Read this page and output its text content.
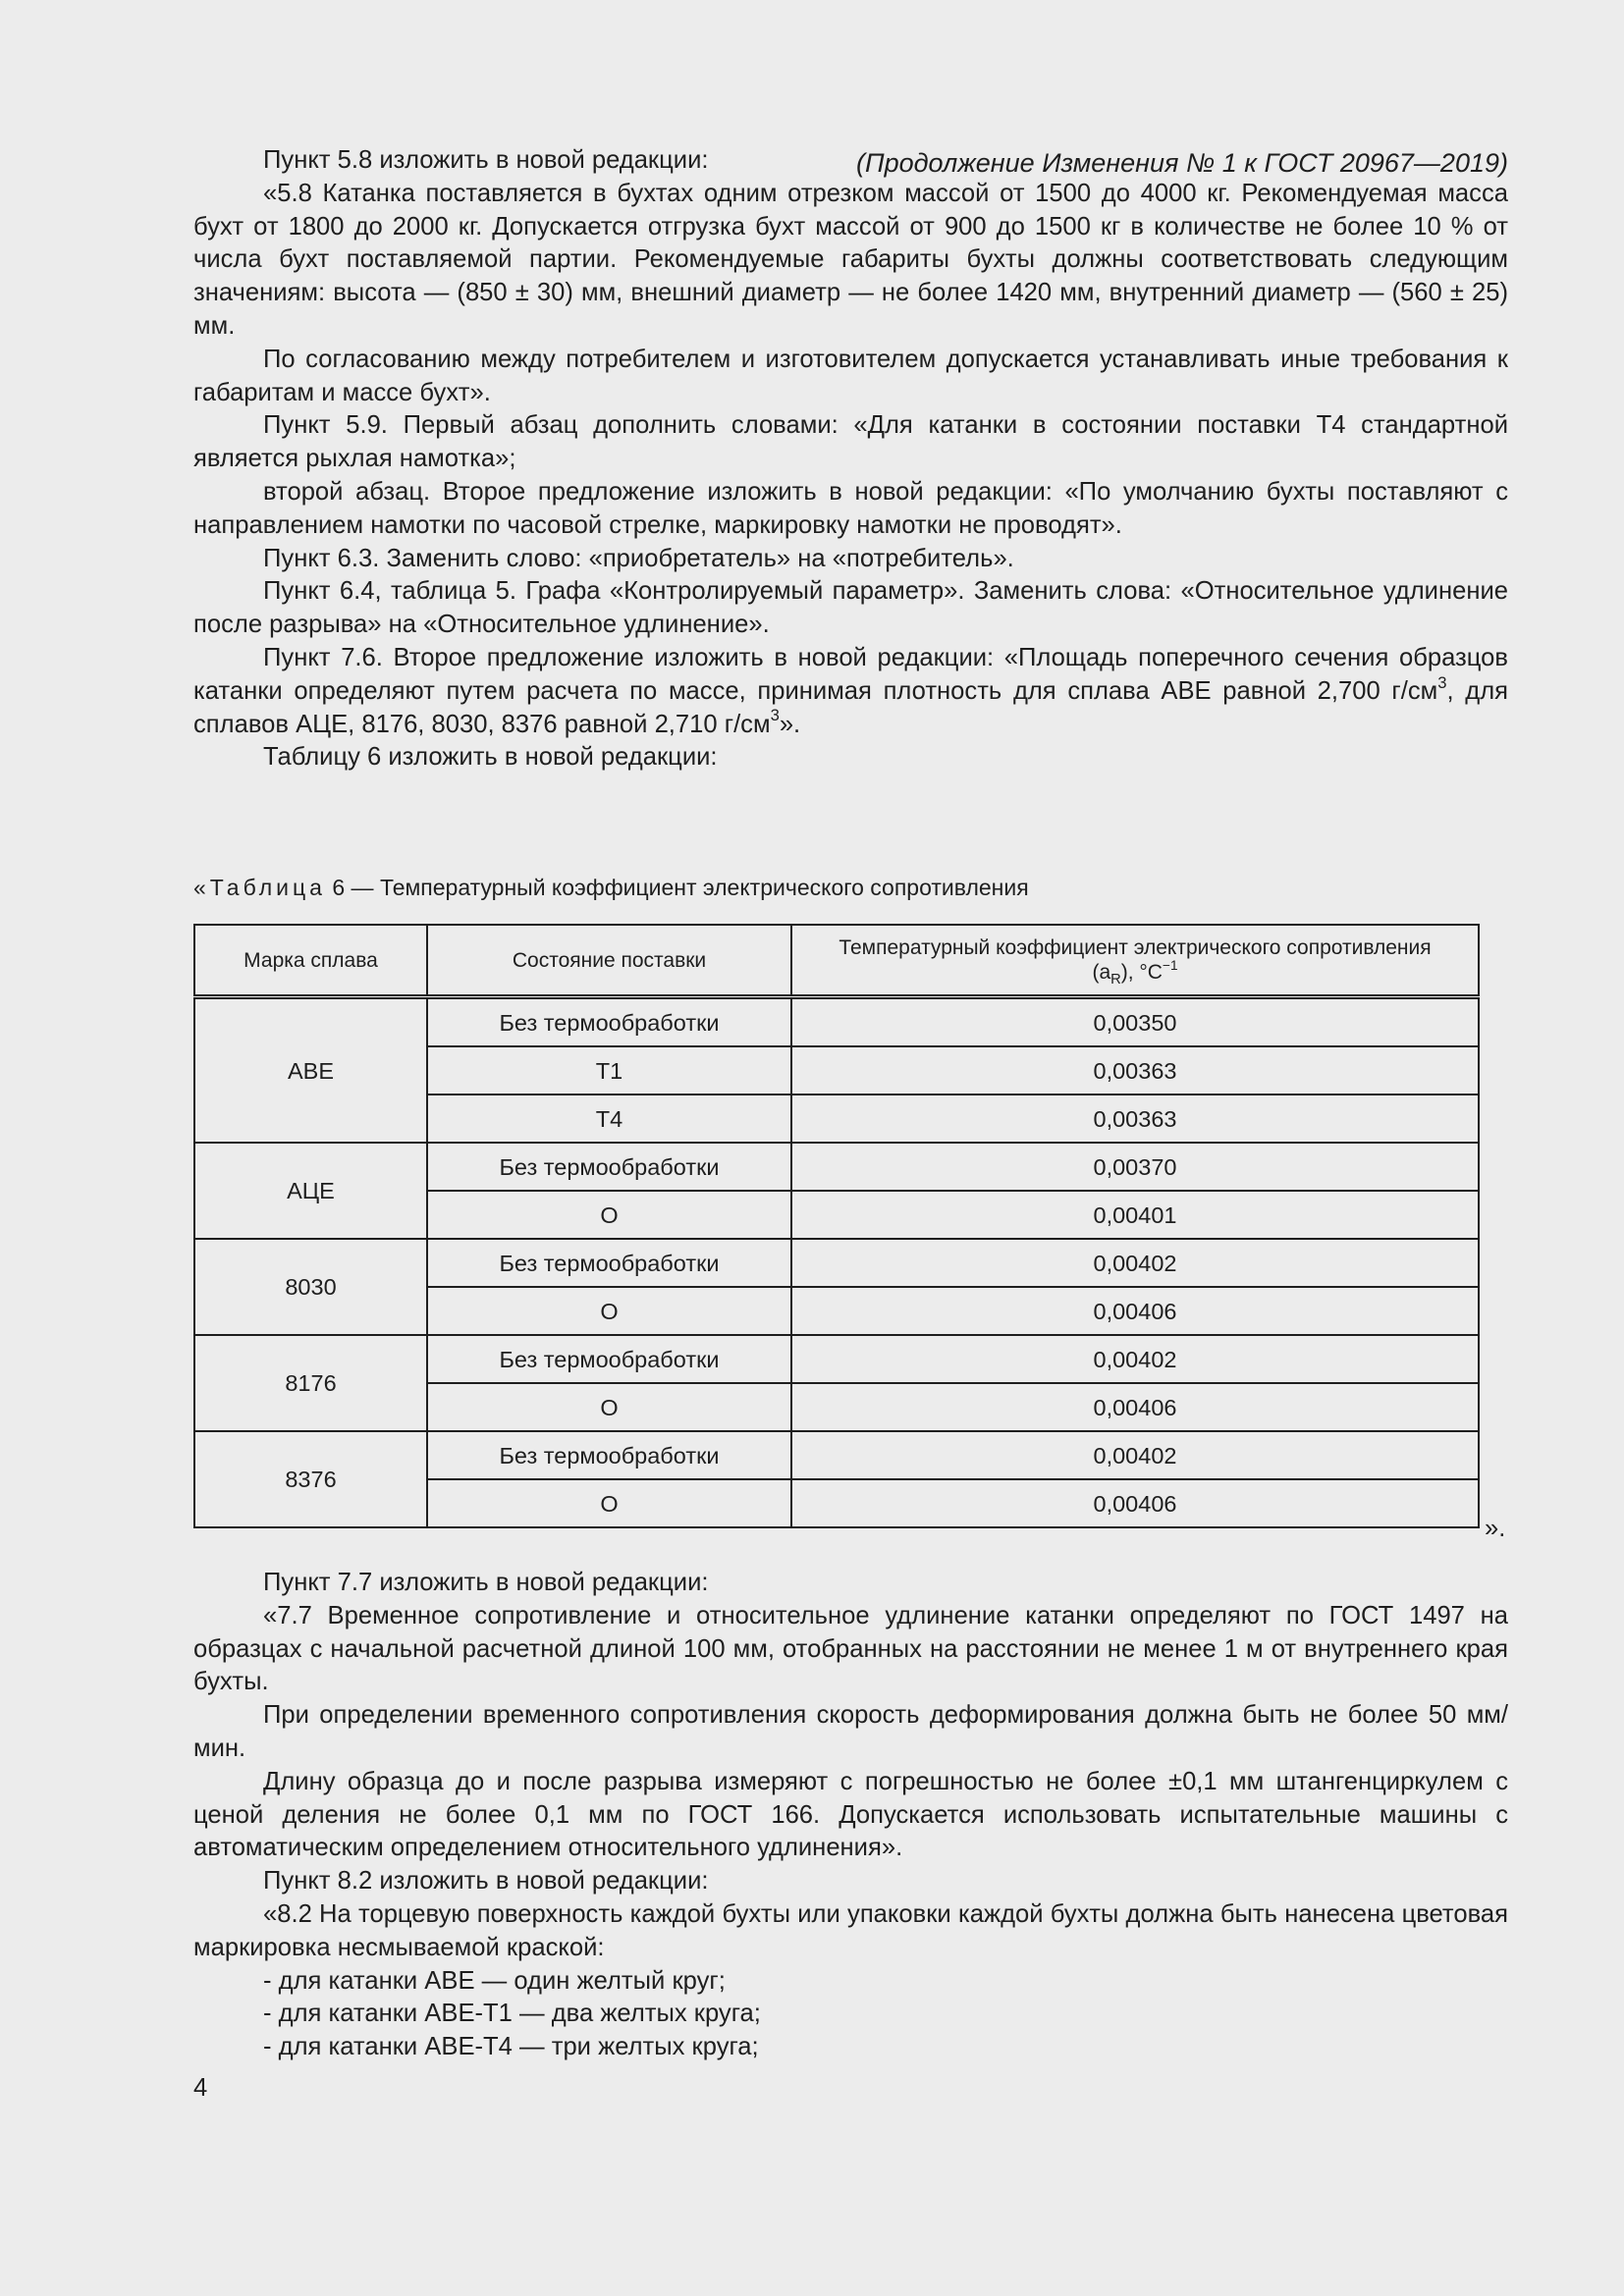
(Продолжение Изменения № 1 к ГОСТ 20967—2019)

Пункт 5.8 изложить в новой редакции:

«5.8 Катанка поставляется в бухтах одним отрезком массой от 1500 до 4000 кг. Рекомендуемая масса бухт от 1800 до 2000 кг. Допускается отгрузка бухт массой от 900 до 1500 кг в количестве не более 10 % от числа бухт поставляемой партии. Рекомендуемые габариты бухты должны соответствовать следующим значениям: высота — (850 ± 30) мм, внешний диаметр — не более 1420 мм, внутренний диаметр — (560 ± 25) мм.

По согласованию между потребителем и изготовителем допускается устанавливать иные требования к габаритам и массе бухт».

Пункт 5.9. Первый абзац дополнить словами: «Для катанки в состоянии поставки Т4 стандартной является рыхлая намотка»;

второй абзац. Второе предложение изложить в новой редакции: «По умолчанию бухты поставляют с направлением намотки по часовой стрелке, маркировку намотки не проводят».

Пункт 6.3. Заменить слово: «приобретатель» на «потребитель».

Пункт 6.4, таблица 5. Графа «Контролируемый параметр». Заменить слова: «Относительное удлинение после разрыва» на «Относительное удлинение».

Пункт 7.6. Второе предложение изложить в новой редакции: «Площадь поперечного сечения образцов катанки определяют путем расчета по массе, принимая плотность для сплава АВЕ равной 2,700 $г/см^3$, для сплавов АЦЕ, 8176, 8030, 8376 равной 2,710 $г/см^3$».

Таблицу 6 изложить в новой редакции:

«Таблица 6 — Температурный коэффициент электрического сопротивления
Марка сплава	Состояние поставки	Температурный коэффициент электрического сопротивления
$(a_R)$, $^\circ C^{-1}$

АВЕ	Без термообработки	0,00350
	Т1	0,00363
	Т4	0,00363
АЦЕ	Без термообработки	0,00370
	О	0,00401
8030	Без термообработки	0,00402
	О	0,00406
8176	Без термообработки	0,00402
	О	0,00406
8376	Без термообработки	0,00402
	О	0,00406
».

Пункт 7.7 изложить в новой редакции:

«7.7 Временное сопротивление и относительное удлинение катанки определяют по ГОСТ 1497 на образцах с начальной расчетной длиной 100 мм, отобранных на расстоянии не менее 1 м от внутреннего края бухты.

При определении временного сопротивления скорость деформирования должна быть не более 50 мм/мин.

Длину образца до и после разрыва измеряют с погрешностью не более ±0,1 мм штангенциркулем с ценой деления не более 0,1 мм по ГОСТ 166. Допускается использовать испытательные машины с автоматическим определением относительного удлинения».

Пункт 8.2 изложить в новой редакции:

«8.2 На торцевую поверхность каждой бухты или упаковки каждой бухты должна быть нанесена цветовая маркировка несмываемой краской:

- для катанки АВЕ — один желтый круг;

- для катанки АВЕ-Т1 — два желтых круга;

- для катанки АВЕ-Т4 — три желтых круга;

4
